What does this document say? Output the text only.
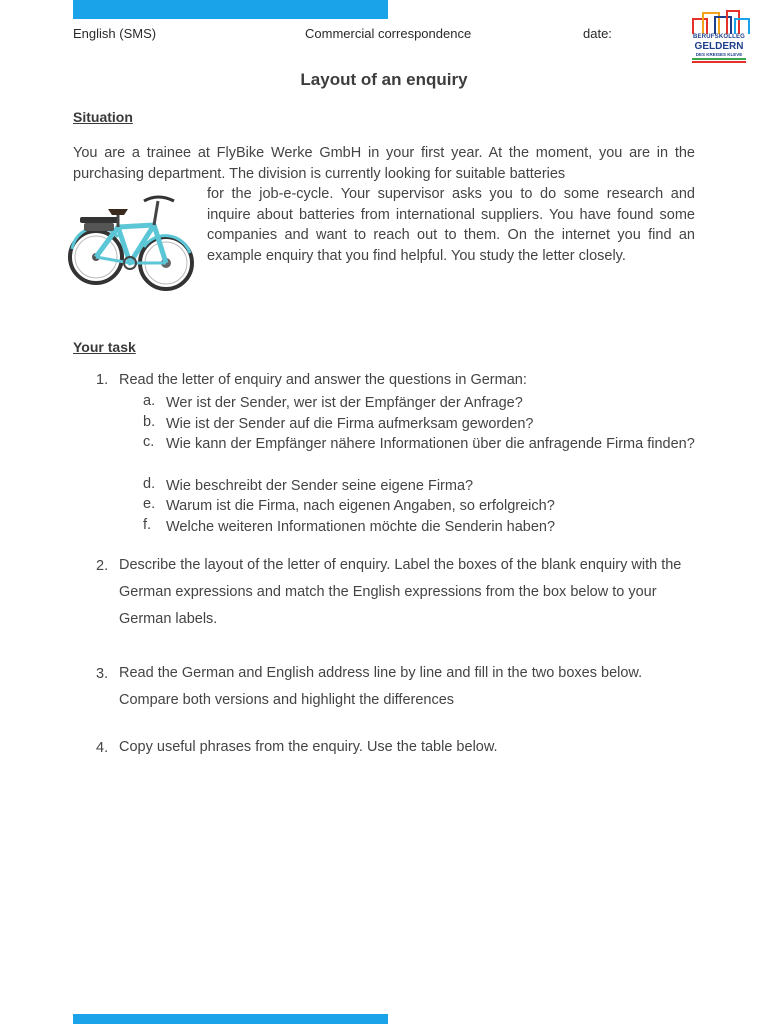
English (SMS)	Commercial correspondence	date:	BERUFSKOLLEG
GELDERN
DES KREISES KLEVE
Layout of an enquiry
Situation
You are a trainee at FlyBike Werke GmbH in your first year. At the moment, you are in the purchasing department. The division is currently looking for suitable batteries
for the job-e-cycle. Your supervisor asks you to do some research and inquire about batteries from international suppliers. You have found some companies and want to reach out to them. On the internet you find an example enquiry that you find helpful. You study the letter closely.
Your task
1. Read the letter of enquiry and answer the questions in German:
a. Wer ist der Sender, wer ist der Empfänger der Anfrage?
b. Wie ist der Sender auf die Firma aufmerksam geworden?
c. Wie kann der Empfänger nähere Informationen über die anfragende Firma finden?
d. Wie beschreibt der Sender seine eigene Firma?
e. Warum ist die Firma, nach eigenen Angaben, so erfolgreich?
f. Welche weiteren Informationen möchte die Senderin haben?
2. Describe the layout of the letter of enquiry. Label the boxes of the blank enquiry with the German expressions and match the English expressions from the box below to your German labels.
3. Read the German and English address line by line and fill in the two boxes below. Compare both versions and highlight the differences
4. Copy useful phrases from the enquiry. Use the table below.
